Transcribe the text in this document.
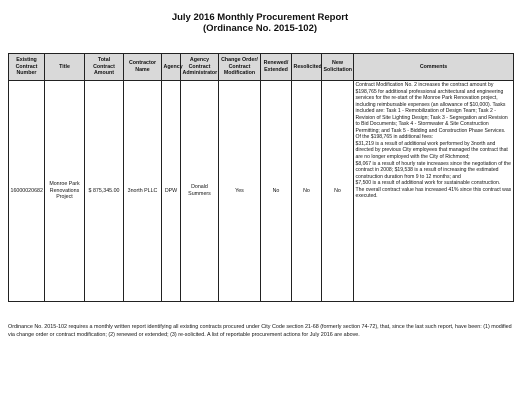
July 2016 Monthly Procurement Report
(Ordinance No. 2015-102)
Existing Contract Number	Title	Total Contract Amount	Contractor Name	Agency	Agency Contract Administrator	Change Order/ Contract Modification	Renewed/ Extended	Resolicited	New Solicitation	Comments
16000020682	Monroe Park Renovations Project	$ 875,345.00	3north PLLC	DPW	Donald Summers	Yes	No	No	No	Contract Modification No. 2 increases the contract amount by $198,765 for additional professional architectural and engineering services for the re-start of the Monroe Park Renovation project, including reimbursable expenses (an allowance of $10,000). Tasks included are: Task 1 - Remobilization of Design Team; Task 2 - Revision of Site Lighting Design; Task 3 - Segregation and Revision to Bid Documents; Task 4 - Stormwater & Site Construction Permitting; and Task 5 - Bidding and Construction Phase Services. Of the $198,765 in additional fees:
$31,219 is a result of additional work performed by 3north and directed by previous City employees that managed the contract that are no longer employed with the City of Richmond;
$8,067 is a result of hourly rate increases since the negotiation of the contract in 2008; $19,538 is a result of increasing the estimated construction duration from 9 to 12 months; and
$7,500 is a result of additional work for sustainable construction.
The overall contract value has increased 41% since this contract was executed.
Ordinance No. 2015-102 requires a monthly written report identifying all existing contracts procured under City Code section 21-68 (formerly section 74-72), that, since the last such report, have been: (1) modified via change order or contract modification; (2) renewed or extended; (3) re-solicited. A list of reportable procurement actions for July 2016 are above.
